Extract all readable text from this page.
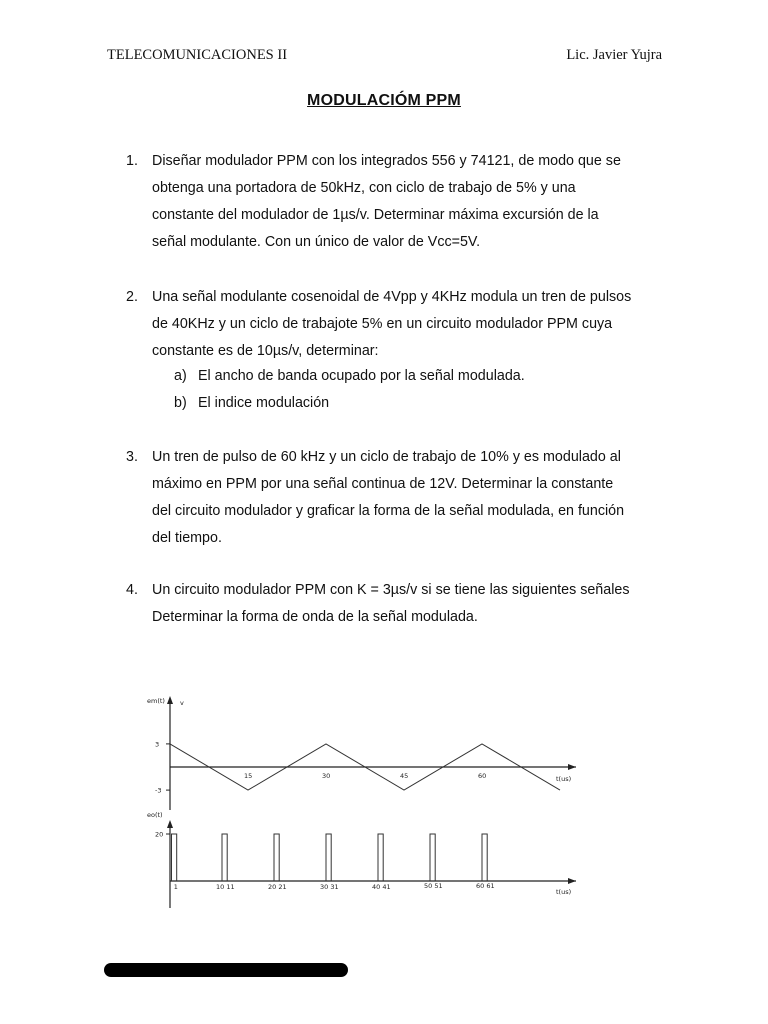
TELECOMUNICACIONES II	Lic. Javier Yujra
MODULACIÓM PPM
1. Diseñar modulador PPM con los integrados 556 y 74121, de modo que se
obtenga una portadora de 50kHz, con ciclo de trabajo de 5% y una
constante del modulador de 1µs/v. Determinar máxima excursión de la
señal modulante. Con un único de valor de Vcc=5V.
2. Una señal modulante cosenoidal de 4Vpp y 4KHz modula un tren de pulsos
de 40KHz y un ciclo de trabajote 5% en un circuito modulador PPM cuya
constante es de 10µs/v, determinar:
a) El ancho de banda ocupado por la señal modulada.
b) El indice modulación
3. Un tren de pulso de 60 kHz y un ciclo de trabajo de 10% y es modulado al
máximo en PPM por una señal continua de 12V. Determinar la constante
del circuito modulador y graficar la forma de la señal modulada, en función
del tiempo.
4. Un circuito modulador PPM con K = 3µs/v si se tiene las siguientes señales
Determinar la forma de onda de la señal modulada.
em(t) v
t(us)
3
-3
15	30	45	60
eo(t)
t(us)
20
1	10 11	20 21	30 31	40 41	50 51	60 61
